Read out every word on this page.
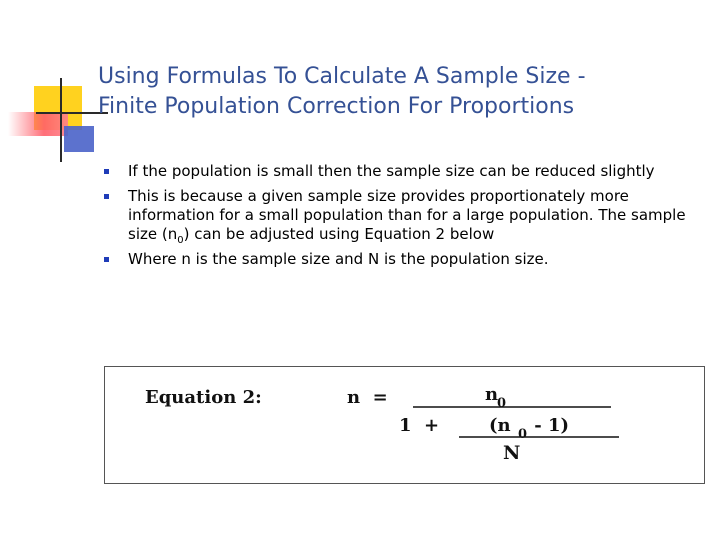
Using Formulas To Calculate A Sample Size -
Finite Population Correction For Proportions
If the population is small then the sample size can be reduced slightly
This is because a given sample size provides proportionately more information for a small population than for a large population. The sample size $(n_0)$ can be adjusted using Equation 2 below
Where n is the sample size and N is the population size.
Equation 2:	n  =	n
0
1  +	(n 0 - 1)
N
